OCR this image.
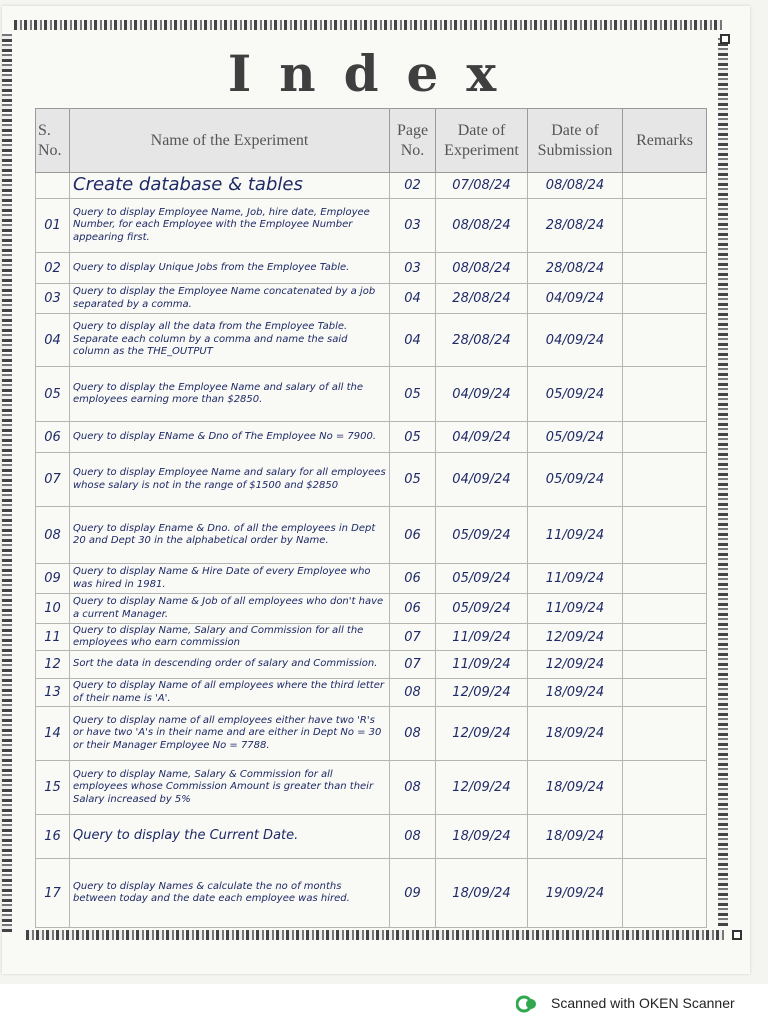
Index
S. No.	Name of the Experiment	Page No.	Date of Experiment	Date of Submission	Remarks
	Create database & tables	02	07/08/24	08/08/24	
01	Query to display Employee Name, Job, hire date, Employee Number, for each Employee with the Employee Number appearing first.	03	08/08/24	28/08/24	
02	Query to display Unique Jobs from the Employee Table.	03	08/08/24	28/08/24	
03	Query to display the Employee Name concatenated by a job separated by a comma.	04	28/08/24	04/09/24	
04	Query to display all the data from the Employee Table. Separate each column by a comma and name the said column as the THE_OUTPUT	04	28/08/24	04/09/24	
05	Query to display the Employee Name and salary of all the employees earning more than $2850.	05	04/09/24	05/09/24	
06	Query to display EName & Dno of The Employee No = 7900.	05	04/09/24	05/09/24	
07	Query to display Employee Name and salary for all employees whose salary is not in the range of $1500 and $2850	05	04/09/24	05/09/24	
08	Query to display Ename & Dno. of all the employees in Dept 20 and Dept 30 in the alphabetical order by Name.	06	05/09/24	11/09/24	
09	Query to display Name & Hire Date of every Employee who was hired in 1981.	06	05/09/24	11/09/24	
10	Query to display Name & Job of all employees who don't have a current Manager.	06	05/09/24	11/09/24	
11	Query to display Name, Salary and Commission for all the employees who earn commission	07	11/09/24	12/09/24	
12	Sort the data in descending order of salary and Commission.	07	11/09/24	12/09/24	
13	Query to display Name of all employees where the third letter of their name is 'A'.	08	12/09/24	18/09/24	
14	Query to display name of all employees either have two 'R's or have two 'A's in their name and are either in Dept No = 30 or their Manager Employee No = 7788.	08	12/09/24	18/09/24	
15	Query to display Name, Salary & Commission for all employees whose Commission Amount is greater than their Salary increased by 5%	08	12/09/24	18/09/24	
16	Query to display the Current Date.	08	18/09/24	18/09/24	
17	Query to display Names & calculate the no of months between today and the date each employee was hired.	09	18/09/24	19/09/24	
Scanned with OKEN Scanner
